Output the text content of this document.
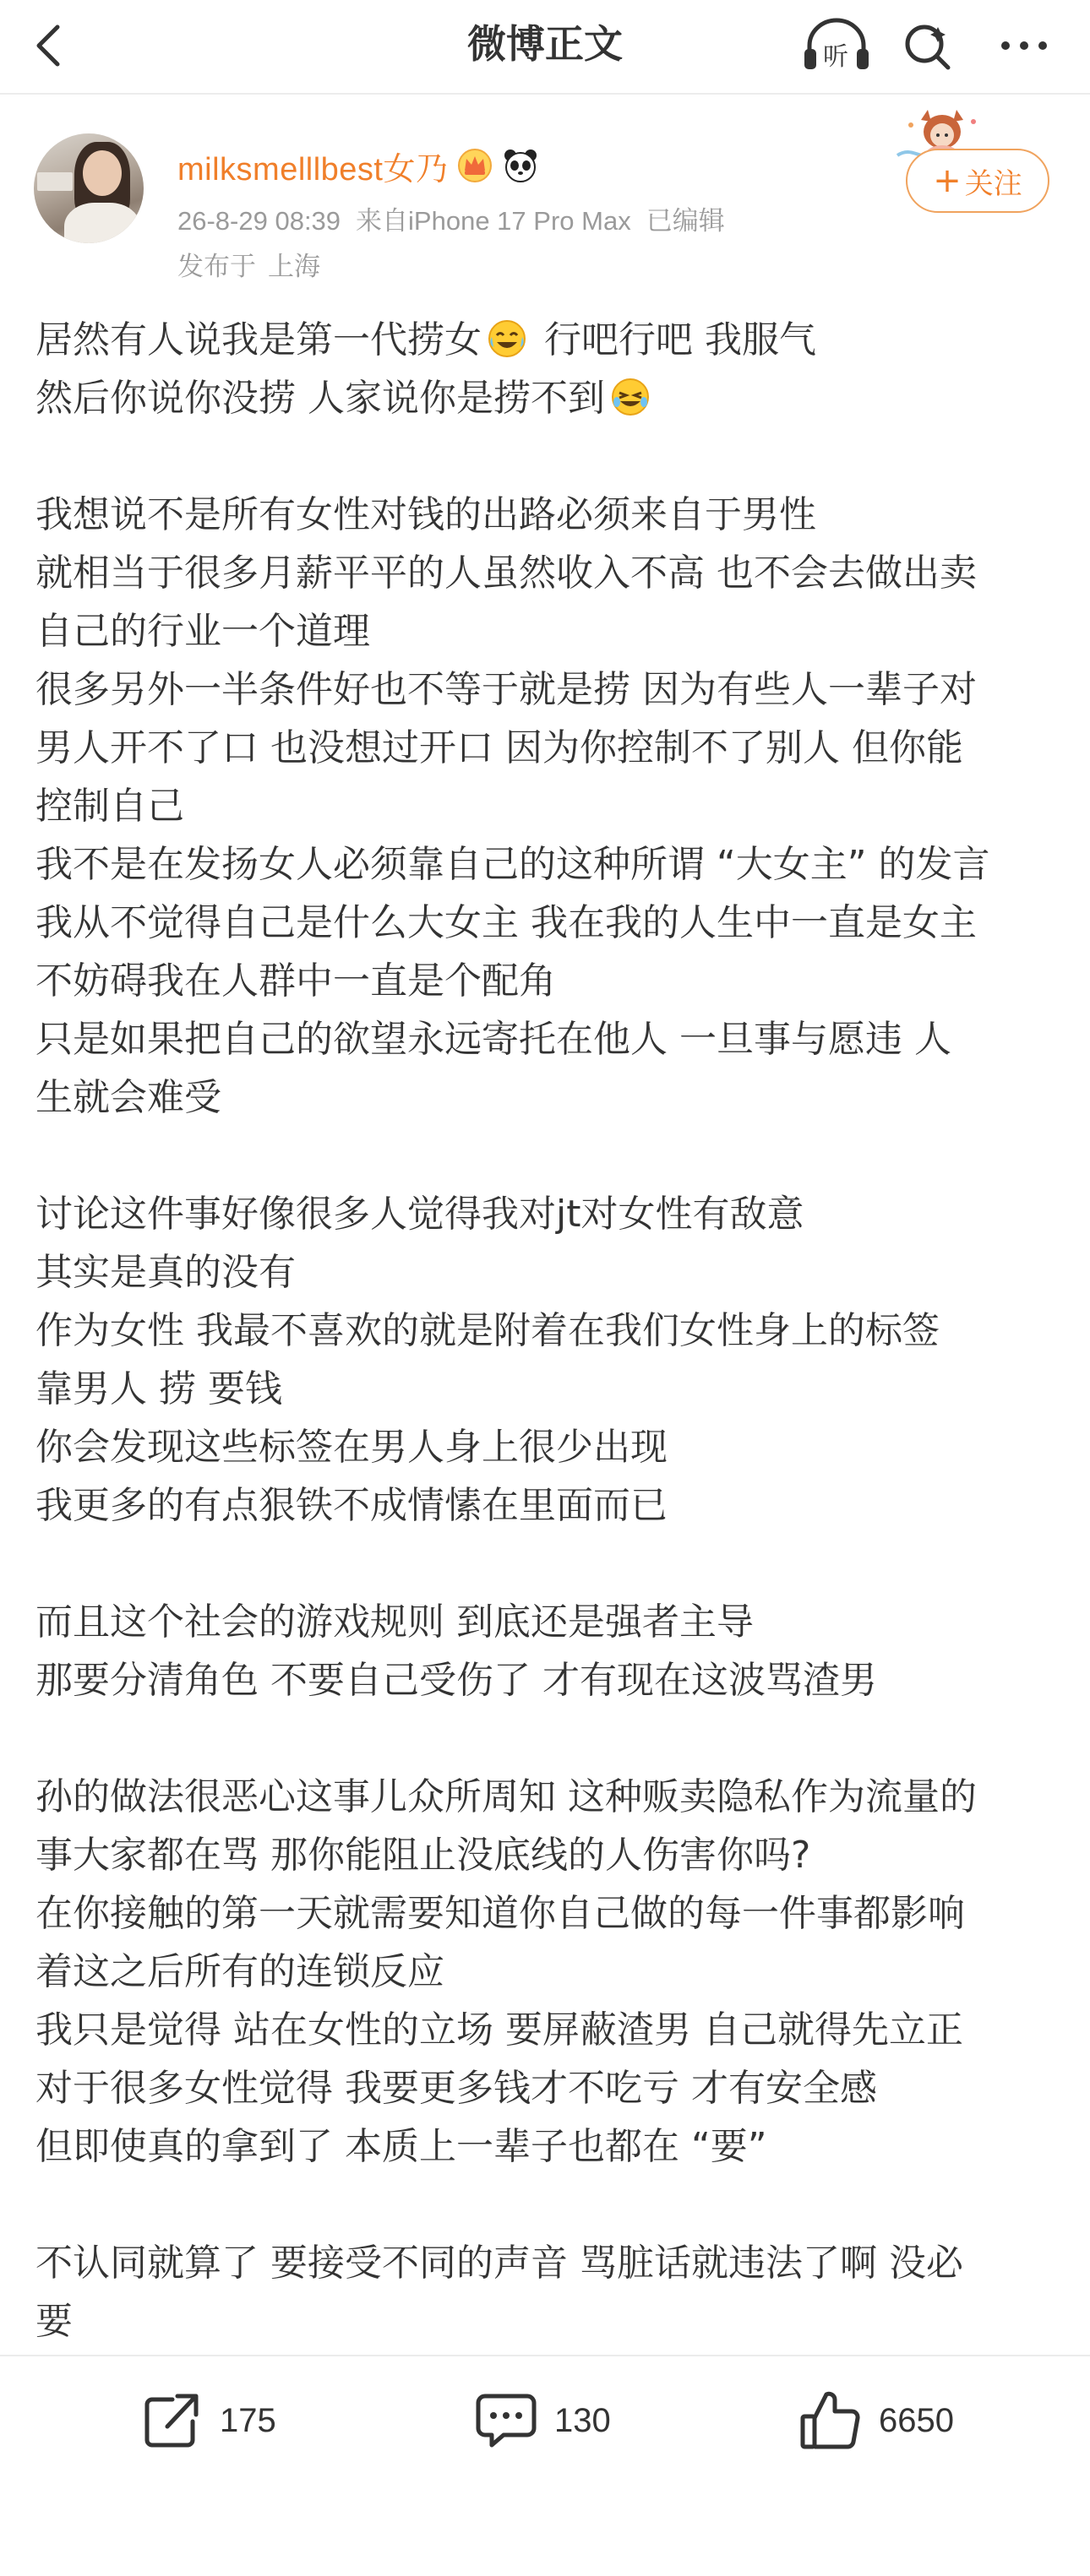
微博正文	听
milksmelllbest女乃
26-8-29 08:39 来自iPhone 17 Pro Max 已编辑
发布于 上海
+ 关注

居然有人说我是第一代捞女 行吧行吧 我服气

然后你说你没捞 人家说你是捞不到

我想说不是所有女性对钱的出路必须来自于男性

就相当于很多月薪平平的人虽然收入不高 也不会去做出卖

自己的行业一个道理

很多另外一半条件好也不等于就是捞 因为有些人一辈子对

男人开不了口 也没想过开口 因为你控制不了别人 但你能

控制自己

我不是在发扬女人必须靠自己的这种所谓 “大女主” 的发言

我从不觉得自己是什么大女主 我在我的人生中一直是女主

不妨碍我在人群中一直是个配角

只是如果把自己的欲望永远寄托在他人 一旦事与愿违 人

生就会难受

讨论这件事好像很多人觉得我对jt对女性有敌意

其实是真的没有

作为女性 我最不喜欢的就是附着在我们女性身上的标签

靠男人 捞 要钱

你会发现这些标签在男人身上很少出现

我更多的有点狠铁不成情愫在里面而已

而且这个社会的游戏规则 到底还是强者主导

那要分清角色 不要自己受伤了 才有现在这波骂渣男

孙的做法很恶心这事儿众所周知 这种贩卖隐私作为流量的

事大家都在骂 那你能阻止没底线的人伤害你吗?

在你接触的第一天就需要知道你自己做的每一件事都影响

着这之后所有的连锁反应

我只是觉得 站在女性的立场 要屏蔽渣男 自己就得先立正

对于很多女性觉得 我要更多钱才不吃亏 才有安全感

但即使真的拿到了 本质上一辈子也都在 “要”

不认同就算了 要接受不同的声音 骂脏话就违法了啊 没必

要

175	130	6650
